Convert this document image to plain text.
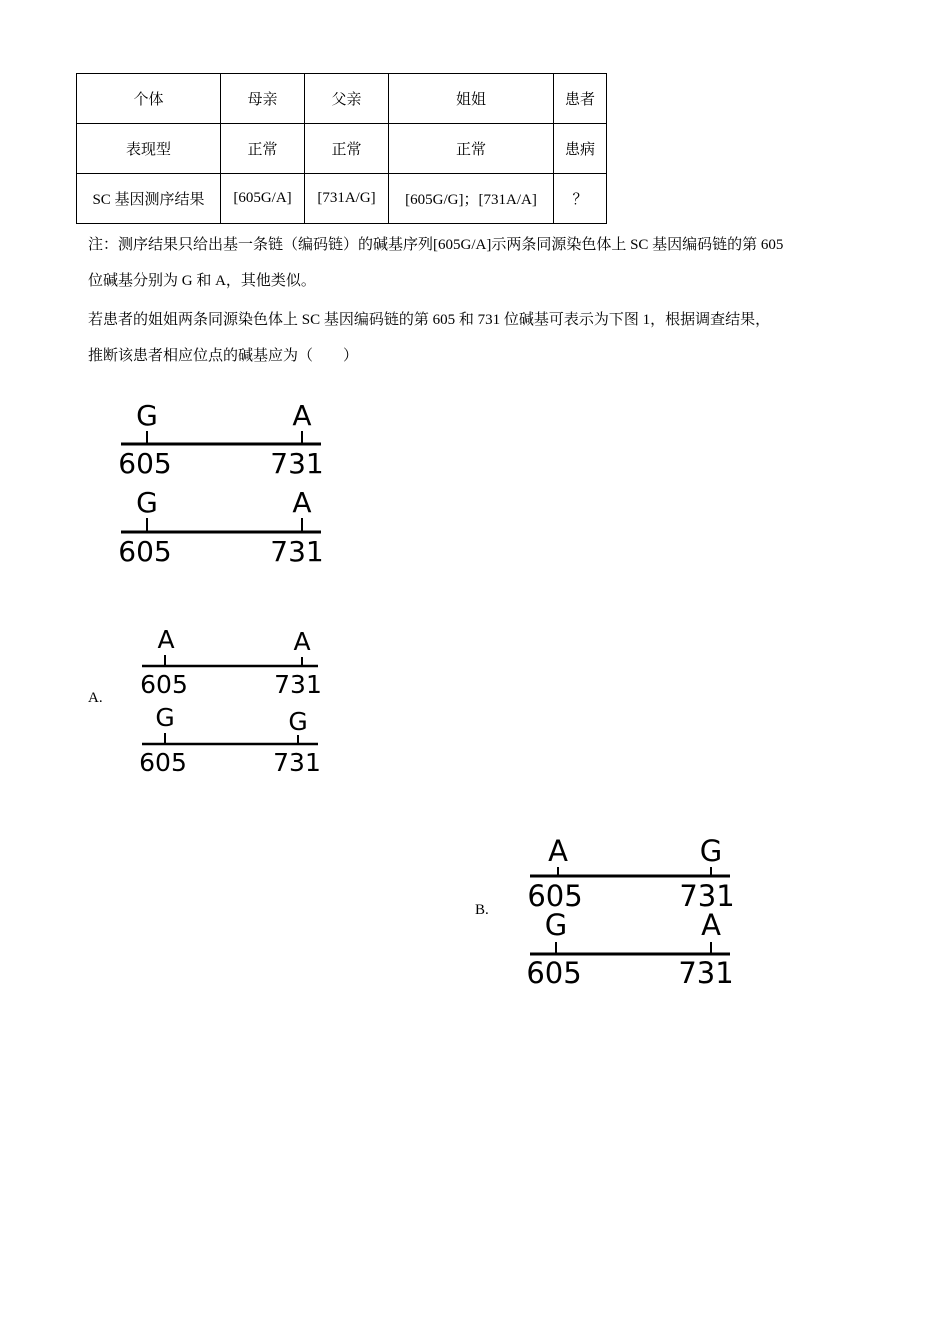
个体	母亲	父亲	姐姐	患者
表现型	正常	正常	正常	患病
SC 基因测序结果	[605G/A]	[731A/G]	[605G/G]；[731A/A]	？
注：测序结果只给出基一条链（编码链）的碱基序列[605G/A]示两条同源染色体上 SC 基因编码链的第 605
位碱基分别为 G 和 A，其他类似。
若患者的姐姐两条同源染色体上 SC 基因编码链的第 605 和 731 位碱基可表示为下图 1，根据调查结果，
推断该患者相应位点的碱基应为（　　）
G	A
605	731
G	A
605	731
A.
A	A
605	731
G	G
605	731
B.
A	G
605	731
G	A
605	731
